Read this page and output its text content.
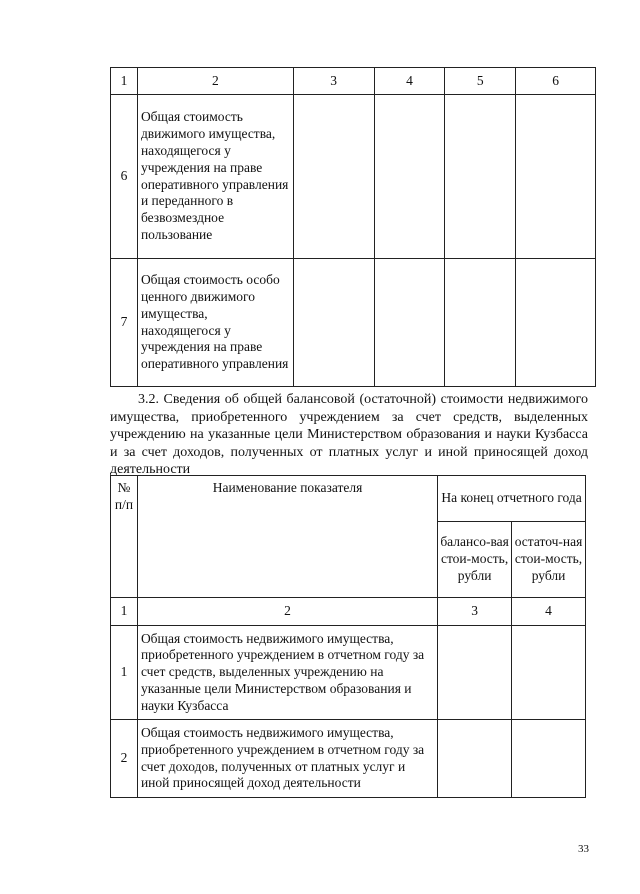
1	2	3	4	5	6
6	Общая стоимость движимого имущества, находящегося у учреждения на праве оперативного управления и переданного в безвозмездное пользование				
7	Общая стоимость особо ценного движимого имущества, находящегося у учреждения на праве оперативного управления				

3.2. Сведения об общей балансовой (остаточной) стоимости недвижимого имущества, приобретенного учреждением за счет средств, выделенных учреждению на указанные цели Министерством образования и науки Кузбасса и за счет доходов, полученных от платных услуг и иной приносящей доход деятельности

№ п/п	Наименование показателя	На конец отчетного года	
		балансо-вая стои-мость, рубли	остаточ-ная стои-мость, рубли
1	2	3	4
1	Общая стоимость недвижимого имущества, приобретенного учреждением в отчетном году за счет средств, выделенных учреждению на указанные цели Министерством образования и науки Кузбасса		
2	Общая стоимость недвижимого имущества, приобретенного учреждением в отчетном году за счет доходов, полученных от платных услуг и иной приносящей доход деятельности		
33
